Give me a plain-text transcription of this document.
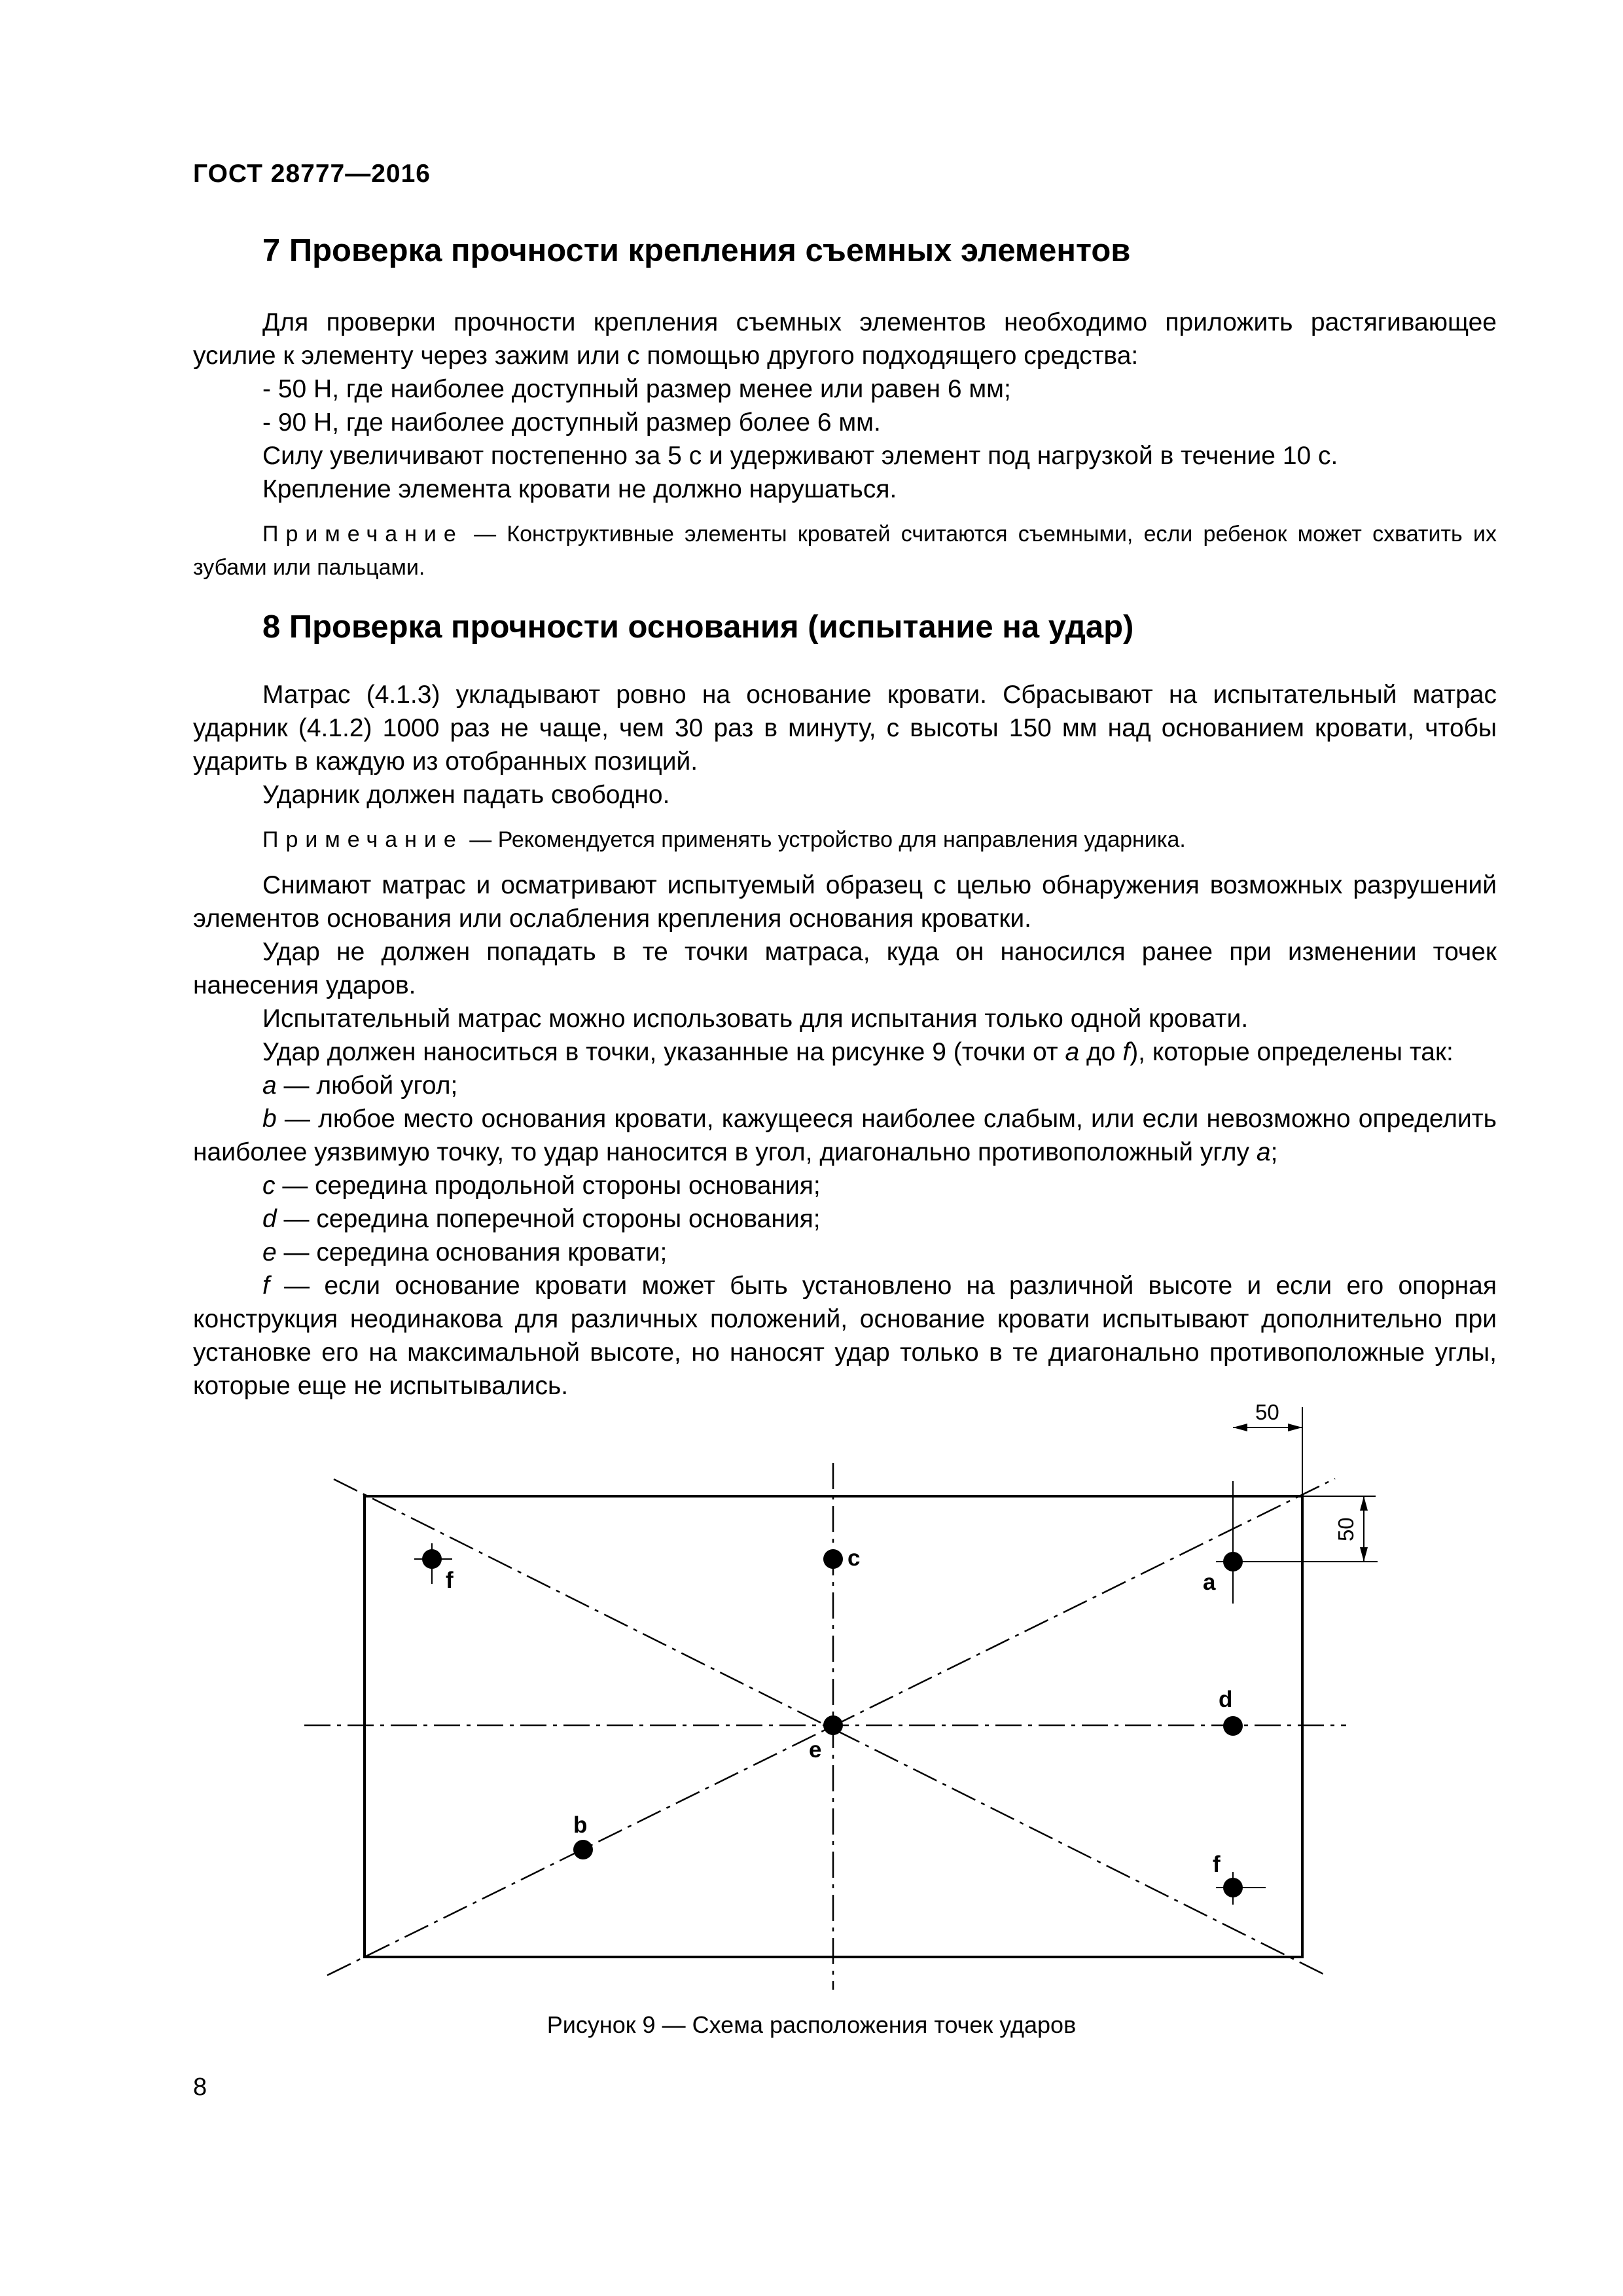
ГОСТ 28777—2016

7 Проверка прочности крепления съемных элементов

Для проверки прочности крепления съемных элементов необходимо приложить растягивающее усилие к элементу через зажим или с помощью другого подходящего средства:

- 50 Н, где наиболее доступный размер менее или равен 6 мм;
- 90 Н, где наиболее доступный размер более 6 мм.

Силу увеличивают постепенно за 5 с и удерживают элемент под нагрузкой в течение 10 с.

Крепление элемента кровати не должно нарушаться.

Примечание — Конструктивные элементы кроватей считаются съемными, если ребенок может схватить их зубами или пальцами.

8 Проверка прочности основания (испытание на удар)

Матрас (4.1.3) укладывают ровно на основание кровати. Сбрасывают на испытательный матрас ударник (4.1.2) 1000 раз не чаще, чем 30 раз в минуту, с высоты 150 мм над основанием кровати, чтобы ударить в каждую из отобранных позиций.

Ударник должен падать свободно.

Примечание — Рекомендуется применять устройство для направления ударника.

Снимают матрас и осматривают испытуемый образец с целью обнаружения возможных разрушений элементов основания или ослабления крепления основания кроватки.

Удар не должен попадать в те точки матраса, куда он наносился ранее при изменении точек нанесения ударов.

Испытательный матрас можно использовать для испытания только одной кровати.

Удар должен наноситься в точки, указанные на рисунке 9 (точки от а до f), которые определены так:

а — любой угол;

b — любое место основания кровати, кажущееся наиболее слабым, или если невозможно определить наиболее уязвимую точку, то удар наносится в угол, диагонально противоположный углу а;

с — середина продольной стороны основания;

d — середина поперечной стороны основания;

е — середина основания кровати;

f — если основание кровати может быть установлено на различной высоте и если его опорная конструкция неодинакова для различных положений, основание кровати испытывают дополнительно при установке его на максимальной высоте, но наносят удар только в те диагонально противоположные углы, которые еще не испытывались.

a
b
c
d
e
f
f
50
50
Рисунок 9 — Схема расположения точек ударов
8
